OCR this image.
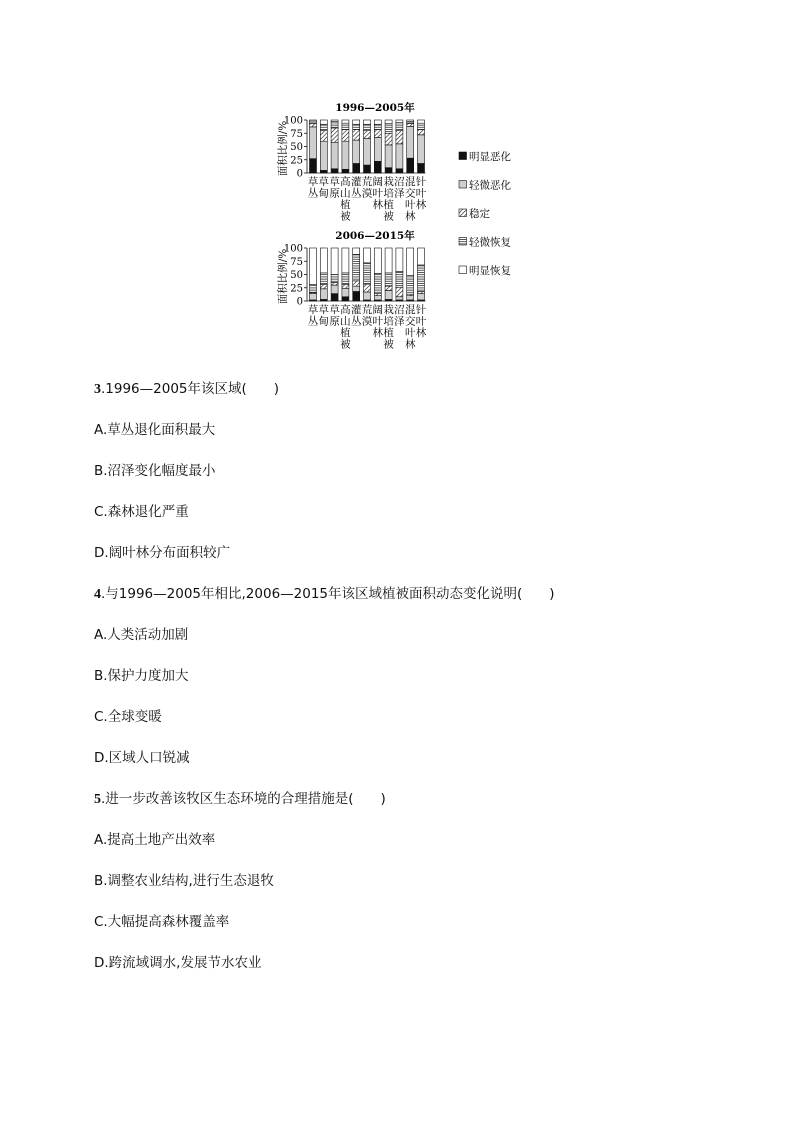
1996—2005年
面积比例/% 0
25
50
75
100
草
丛
草
甸
草
原
高
山
植
被
灌
丛
荒
漠
阔
叶
林
栽
培
植
被
沼
泽
混
交
叶
林
针
叶
林
2006—2015年
面积比例/% 0
25
50
75
100
草
丛
草
甸
草
原
高
山
植
被
灌
丛
荒
漠
阔
叶
林
栽
培
植
被
沼
泽
混
交
叶
林
针
叶
林
明显恶化
轻微恶化
稳定
轻微恢复
明显恢复
3.1996—2005年该区域(　　)
A.草丛退化面积最大
B.沼泽变化幅度最小
C.森林退化严重
D.阔叶林分布面积较广
4.与1996—2005年相比,2006—2015年该区域植被面积动态变化说明(　　)
A.人类活动加剧
B.保护力度加大
C.全球变暖
D.区域人口锐减
5.进一步改善该牧区生态环境的合理措施是(　　)
A.提高土地产出效率
B.调整农业结构,进行生态退牧
C.大幅提高森林覆盖率
D.跨流域调水,发展节水农业
